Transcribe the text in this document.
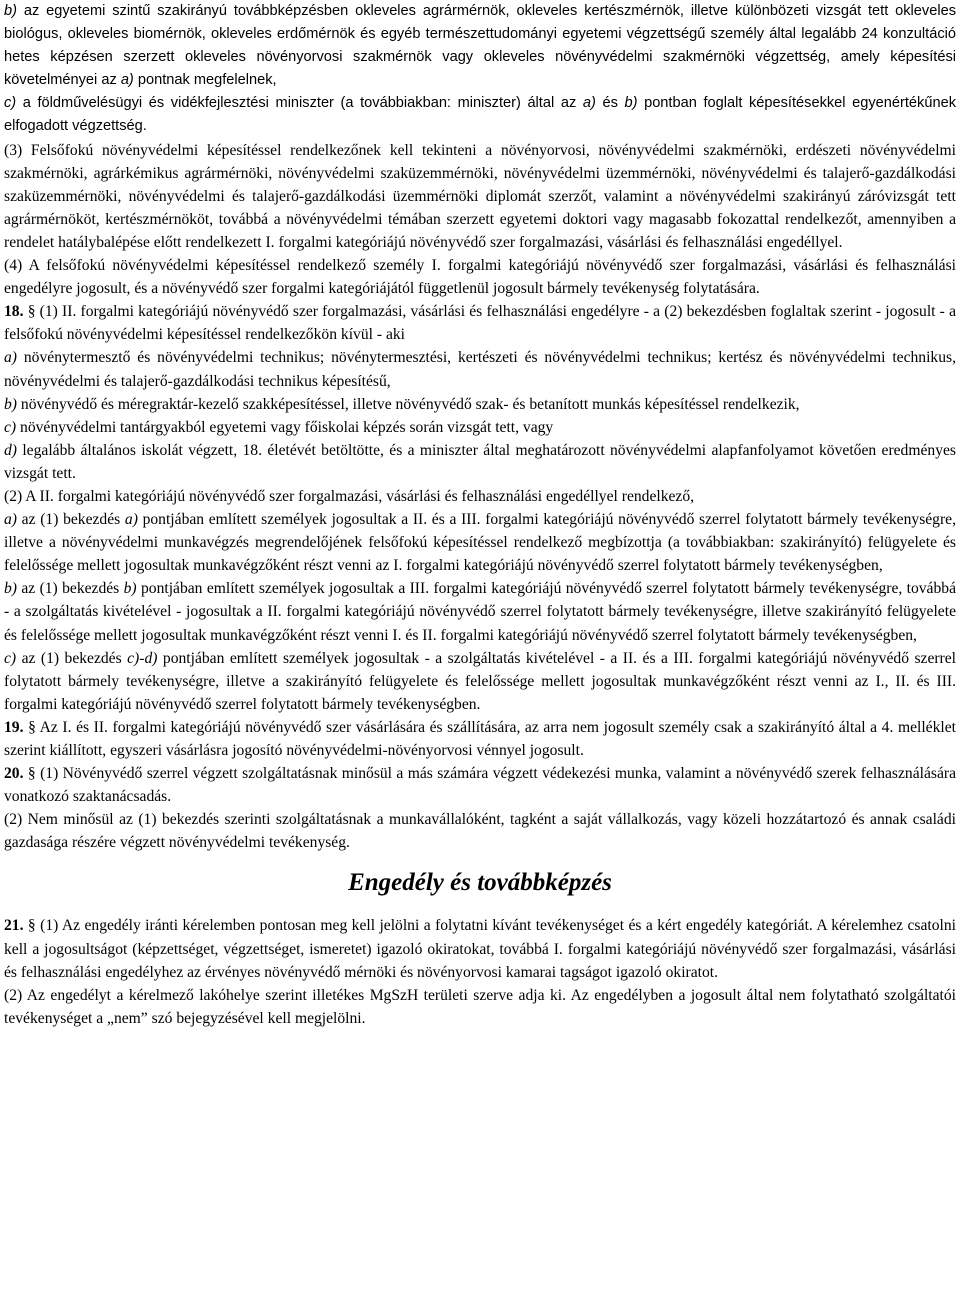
b) az egyetemi szintű szakirányú továbbképzésben okleveles agrármérnök, okleveles kertészmérnök, illetve különbözeti vizsgát tett okleveles biológus, okleveles biomérnök, okleveles erdőmérnök és egyéb természettudományi egyetemi végzettségű személy által legalább 24 konzultáció hetes képzésen szerzett okleveles növényorvosi szakmérnök vagy okleveles növényvédelmi szakmérnöki végzettség, amely képesítési követelményei az a) pontnak megfelelnek,

c) a földművelésügyi és vidékfejlesztési miniszter (a továbbiakban: miniszter) által az a) és b) pontban foglalt képesítésekkel egyenértékűnek elfogadott végzettség.

(3) Felsőfokú növényvédelmi képesítéssel rendelkezőnek kell tekinteni a növényorvosi, növényvédelmi szakmérnöki, erdészeti növényvédelmi szakmérnöki, agrárkémikus agrármérnöki, növényvédelmi szaküzemmérnöki, növényvédelmi üzemmérnöki, növényvédelmi és talajerő-gazdálkodási szaküzemmérnöki, növényvédelmi és talajerő-gazdálkodási üzemmérnöki diplomát szerzőt, valamint a növényvédelmi szakirányú záróvizsgát tett agrármérnököt, kertészmérnököt, továbbá a növényvédelmi témában szerzett egyetemi doktori vagy magasabb fokozattal rendelkezőt, amennyiben a rendelet hatálybalépése előtt rendelkezett I. forgalmi kategóriájú növényvédő szer forgalmazási, vásárlási és felhasználási engedéllyel.

(4) A felsőfokú növényvédelmi képesítéssel rendelkező személy I. forgalmi kategóriájú növényvédő szer forgalmazási, vásárlási és felhasználási engedélyre jogosult, és a növényvédő szer forgalmi kategóriájától függetlenül jogosult bármely tevékenység folytatására.

18. § (1) II. forgalmi kategóriájú növényvédő szer forgalmazási, vásárlási és felhasználási engedélyre - a (2) bekezdésben foglaltak szerint - jogosult - a felsőfokú növényvédelmi képesítéssel rendelkezőkön kívül - aki

a) növénytermesztő és növényvédelmi technikus; növénytermesztési, kertészeti és növényvédelmi technikus; kertész és növényvédelmi technikus, növényvédelmi és talajerő-gazdálkodási technikus képesítésű,

b) növényvédő és méregraktár-kezelő szakképesítéssel, illetve növényvédő szak- és betanított munkás képesítéssel rendelkezik,

c) növényvédelmi tantárgyakból egyetemi vagy főiskolai képzés során vizsgát tett, vagy

d) legalább általános iskolát végzett, 18. életévét betöltötte, és a miniszter által meghatározott növényvédelmi alapfanfolyamot követően eredményes vizsgát tett.

(2) A II. forgalmi kategóriájú növényvédő szer forgalmazási, vásárlási és felhasználási engedéllyel rendelkező,

a) az (1) bekezdés a) pontjában említett személyek jogosultak a II. és a III. forgalmi kategóriájú növényvédő szerrel folytatott bármely tevékenységre, illetve a növényvédelmi munkavégzés megrendelőjének felsőfokú képesítéssel rendelkező megbízottja (a továbbiakban: szakirányító) felügyelete és felelőssége mellett jogosultak munkavégzőként részt venni az I. forgalmi kategóriájú növényvédő szerrel folytatott bármely tevékenységben,

b) az (1) bekezdés b) pontjában említett személyek jogosultak a III. forgalmi kategóriájú növényvédő szerrel folytatott bármely tevékenységre, továbbá - a szolgáltatás kivételével - jogosultak a II. forgalmi kategóriájú növényvédő szerrel folytatott bármely tevékenységre, illetve szakirányító felügyelete és felelőssége mellett jogosultak munkavégzőként részt venni I. és II. forgalmi kategóriájú növényvédő szerrel folytatott bármely tevékenységben,

c) az (1) bekezdés c)-d) pontjában említett személyek jogosultak - a szolgáltatás kivételével - a II. és a III. forgalmi kategóriájú növényvédő szerrel folytatott bármely tevékenységre, illetve a szakirányító felügyelete és felelőssége mellett jogosultak munkavégzőként részt venni az I., II. és III. forgalmi kategóriájú növényvédő szerrel folytatott bármely tevékenységben.

19. § Az I. és II. forgalmi kategóriájú növényvédő szer vásárlására és szállítására, az arra nem jogosult személy csak a szakirányító által a 4. melléklet szerint kiállított, egyszeri vásárlásra jogosító növényvédelmi-növényorvosi vénnyel jogosult.

20. § (1) Növényvédő szerrel végzett szolgáltatásnak minősül a más számára végzett védekezési munka, valamint a növényvédő szerek felhasználására vonatkozó szaktanácsadás.

(2) Nem minősül az (1) bekezdés szerinti szolgáltatásnak a munkavállalóként, tagként a saját vállalkozás, vagy közeli hozzátartozó és annak családi gazdasága részére végzett növényvédelmi tevékenység.

Engedély és továbbképzés

21. § (1) Az engedély iránti kérelemben pontosan meg kell jelölni a folytatni kívánt tevékenységet és a kért engedély kategóriát. A kérelemhez csatolni kell a jogosultságot (képzettséget, végzettséget, ismeretet) igazoló okiratokat, továbbá I. forgalmi kategóriájú növényvédő szer forgalmazási, vásárlási és felhasználási engedélyhez az érvényes növényvédő mérnöki és növényorvosi kamarai tagságot igazoló okiratot.

(2) Az engedélyt a kérelmező lakóhelye szerint illetékes MgSzH területi szerve adja ki. Az engedélyben a jogosult által nem folytatható szolgáltatói tevékenységet a „nem” szó bejegyzésével kell megjelölni.
